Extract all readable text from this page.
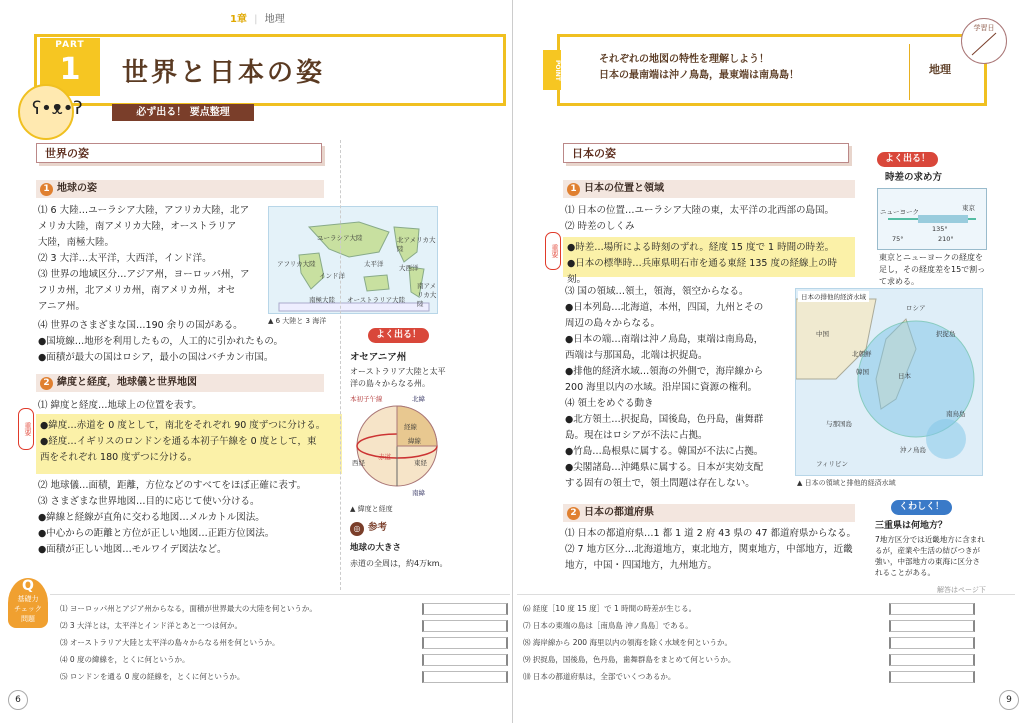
1章 | 地理
PART
1	世界と日本の姿
ʕ•ᴥ•ʔ	必ず出る！ 要点整理
世界の姿
1 地球の姿

⑴ 6 大陸…ユーラシア大陸，アフリカ大陸，北ア

メリカ大陸，南アメリカ大陸，オーストラリア

大陸，南極大陸。

⑵ 3 大洋…太平洋，大西洋，インド洋。

⑶ 世界の地域区分…アジア州，ヨーロッパ州，ア

フリカ州，北アメリカ州，南アメリカ州，オセ

アニア州。

⑷ 世界のさまざまな国…190 余りの国がある。

●国境線…地形を利用したもの，人工的に引かれたもの。

●面積が最大の国はロシア，最小の国はバチカン市国。

ユーラシア大陸	北アメリカ大陸
アフリカ大陸
インド洋
太平洋 大西洋
南アメリカ大陸
南極大陸 オーストラリア大陸
▲ 6 大陸と 3 海洋
よく出る！
オセアニア州
オーストラリア大陸と太平洋の島々からなる州。
本初子午線	北緯
経線
緯線
赤道
南緯
東経
西経
▲ 緯度と経度
◎ 参考
地球の大きさ
赤道の全周は，約4万km。
2 緯度と経度，地球儀と世界地図
⑴ 緯度と経度…地球上の位置を表す。
重要 ●緯度…赤道を 0 度として，南北をそれぞれ 90 度ずつに分ける。

●経度…イギリスのロンドンを通る本初子午線を 0 度として，東

西をそれぞれ 180 度ずつに分ける。

⑵ 地球儀…面積，距離，方位などのすべてをほぼ正確に表す。

⑶ さまざまな世界地図…目的に応じて使い分ける。

●緯線と経線が直角に交わる地図…メルカトル図法。

●中心からの距離と方位が正しい地図…正距方位図法。

●面積が正しい地図…モルワイデ図法など。

Q
基礎力
チェック
問題
⑴ ヨーロッパ州とアジア州からなる，面積が世界最大の大陸を何というか。
⑵ 3 大洋とは，太平洋とインド洋とあと一つは何か。
⑶ オーストラリア大陸と太平洋の島々からなる州を何というか。
⑷ 0 度の緯線を，とくに何というか。
⑸ ロンドンを通る 0 度の経線を，とくに何というか。
6
POINT

それぞれの地図の特性を理解しよう！

日本の最南端は沖ノ鳥島，最東端は南鳥島！	地理
学習日
日本の姿
1 日本の位置と領域

⑴ 日本の位置…ユーラシア大陸の東，太平洋の北西部の島国。

⑵ 時差のしくみ

重要 ●時差…場所による時刻のずれ。経度 15 度で 1 時間の時差。

●日本の標準時…兵庫県明石市を通る東経 135 度の経線上の時刻。

⑶ 国の領域…領土，領海，領空からなる。

●日本列島…北海道，本州，四国，九州とその

周辺の島々からなる。

●日本の端…南端は沖ノ鳥島，東端は南鳥島，

西端は与那国島，北端は択捉島。

●排他的経済水域…領海の外側で，海岸線から

200 海里以内の水域。沿岸国に資源の権利。

⑷ 領土をめぐる動き

●北方領土…択捉島，国後島，色丹島，歯舞群

島。現在はロシアが不法に占拠。

●竹島…島根県に属する。韓国が不法に占拠。

●尖閣諸島…沖縄県に属する。日本が実効支配

する固有の領土で，領土問題は存在しない。

2 日本の都道府県

⑴ 日本の都道府県…1 都 1 道 2 府 43 県の 47 都道府県からなる。

⑵ 7 地方区分…北海道地方，東北地方，関東地方，中部地方，近畿

地方，中国・四国地方，九州地方。

よく出る！
時差の求め方
ニューヨーク	東京
75°
135°
210°
東京とニューヨークの経度を足し，その経度差を15で割って求める。
日本の排他的経済水域
中国
ロシア
韓国
北朝鮮
日本
南鳥島
沖ノ鳥島
与那国島
択捉島
フィリピン
▲ 日本の領域と排他的経済水域
くわしく！
三重県は何地方？
7地方区分では近畿地方に含まれるが，産業や生活の結びつきが強い，中部地方の東海に区分されることがある。
解答はページ下
⑹ 経度［10 度 15 度］で 1 時間の時差が生じる。
⑺ 日本の東端の島は［南鳥島 沖ノ鳥島］である。
⑻ 海岸線から 200 海里以内の領海を除く水域を何というか。
⑼ 択捉島，国後島，色丹島，歯舞群島をまとめて何というか。
⑽ 日本の都道府県は，全部でいくつあるか。
9
